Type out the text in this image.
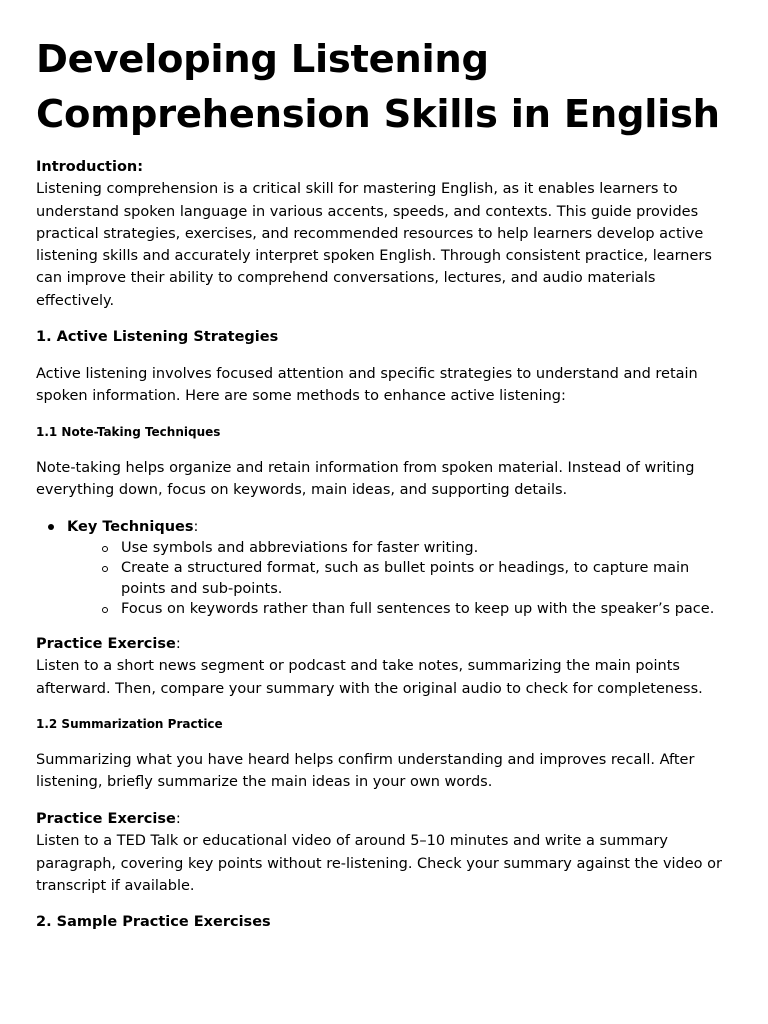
Developing Listening Comprehension Skills in English
Introduction:
Listening comprehension is a critical skill for mastering English, as it enables learners to understand spoken language in various accents, speeds, and contexts. This guide provides practical strategies, exercises, and recommended resources to help learners develop active listening skills and accurately interpret spoken English. Through consistent practice, learners can improve their ability to comprehend conversations, lectures, and audio materials effectively.
1. Active Listening Strategies
Active listening involves focused attention and specific strategies to understand and retain spoken information. Here are some methods to enhance active listening:
1.1 Note-Taking Techniques
Note-taking helps organize and retain information from spoken material. Instead of writing everything down, focus on keywords, main ideas, and supporting details.
Key Techniques:
Use symbols and abbreviations for faster writing.
Create a structured format, such as bullet points or headings, to capture main points and sub-points.
Focus on keywords rather than full sentences to keep up with the speaker’s pace.
Practice Exercise:
Listen to a short news segment or podcast and take notes, summarizing the main points afterward. Then, compare your summary with the original audio to check for completeness.
1.2 Summarization Practice
Summarizing what you have heard helps confirm understanding and improves recall. After listening, briefly summarize the main ideas in your own words.
Practice Exercise:
Listen to a TED Talk or educational video of around 5–10 minutes and write a summary paragraph, covering key points without re-listening. Check your summary against the video or transcript if available.
2. Sample Practice Exercises
